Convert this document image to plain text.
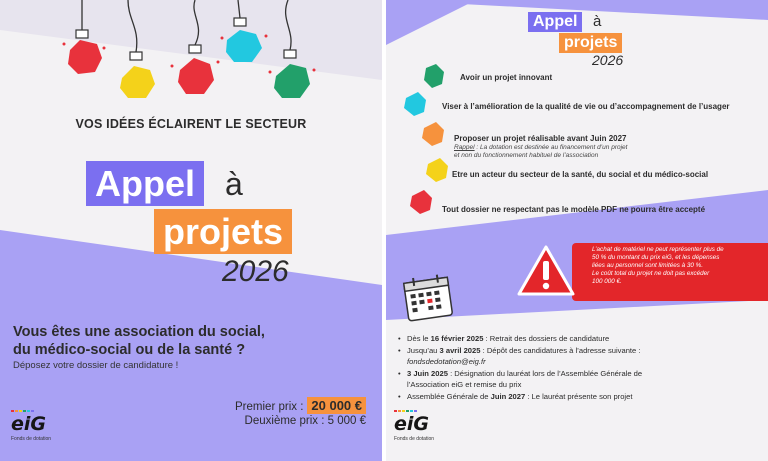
VOS IDÉES ÉCLAIRENT LE SECTEUR
Appel à
projets
2026
Vous êtes une association du social,
du médico-social ou de la santé ?
Déposez votre dossier de candidature !
Premier prix : 20 000 €
Deuxième prix : 5 000 €
eiG
Fonds de dotation
Appel	à
projets
2026
Avoir un projet innovant
Viser à l’amélioration de la qualité de vie ou d’accompagnement de l’usager
Proposer un projet réalisable avant Juin 2027
Rappel : La dotation est destinée au financement d’un projet
et non du fonctionnement habituel de l’association
Etre un acteur du secteur de la santé, du social et du médico-social
Tout dossier ne respectant pas le modèle PDF ne pourra être accepté
L’achat de matériel ne peut représenter plus de
50 % du montant du prix eiG, et les dépenses
liées au personnel sont limitées à 30 %.
Le coût total du projet ne doit pas excéder
100 000 €.
• Dès le 16 février 2025 : Retrait des dossiers de candidature
• Jusqu’au 3 avril 2025 : Dépôt des candidatures à l’adresse suivante :
fondsdedotation@eig.fr
• 3 Juin 2025 : Désignation du lauréat lors de l’Assemblée Générale de
l’Association eiG et remise du prix
• Assemblée Générale de Juin 2027 : Le lauréat présente son projet
eiG
Fonds de dotation
